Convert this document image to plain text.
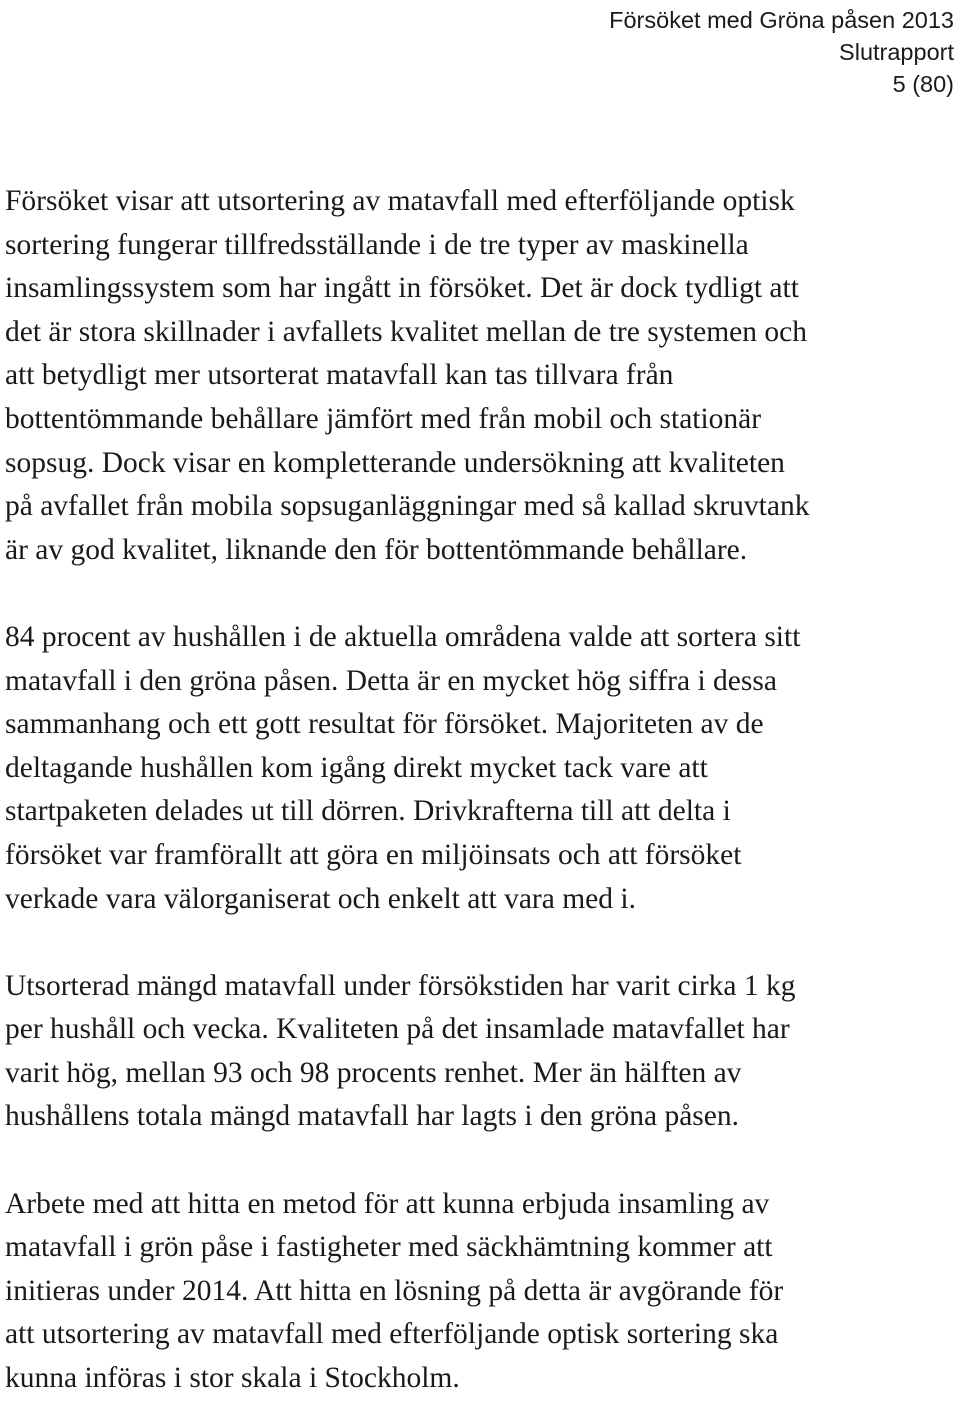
Försöket med Gröna påsen 2013
Slutrapport
5 (80)

Försöket visar att utsortering av matavfall med efterföljande optisk
sortering fungerar tillfredsställande i de tre typer av maskinella
insamlingssystem som har ingått in försöket. Det är dock tydligt att
det är stora skillnader i avfallets kvalitet mellan de tre systemen och
att betydligt mer utsorterat matavfall kan tas tillvara från
bottentömmande behållare jämfört med från mobil och stationär
sopsug. Dock visar en kompletterande undersökning att kvaliteten
på avfallet från mobila sopsuganläggningar med så kallad skruvtank
är av god kvalitet, liknande den för bottentömmande behållare.

84 procent av hushållen i de aktuella områdena valde att sortera sitt
matavfall i den gröna påsen. Detta är en mycket hög siffra i dessa
sammanhang och ett gott resultat för försöket. Majoriteten av de
deltagande hushållen kom igång direkt mycket tack vare att
startpaketen delades ut till dörren. Drivkrafterna till att delta i
försöket var framförallt att göra en miljöinsats och att försöket
verkade vara välorganiserat och enkelt att vara med i.

Utsorterad mängd matavfall under försökstiden har varit cirka 1 kg
per hushåll och vecka. Kvaliteten på det insamlade matavfallet har
varit hög, mellan 93 och 98 procents renhet. Mer än hälften av
hushållens totala mängd matavfall har lagts i den gröna påsen.

Arbete med att hitta en metod för att kunna erbjuda insamling av
matavfall i grön påse i fastigheter med säckhämtning kommer att
initieras under 2014. Att hitta en lösning på detta är avgörande för
att utsortering av matavfall med efterföljande optisk sortering ska
kunna införas i stor skala i Stockholm.
